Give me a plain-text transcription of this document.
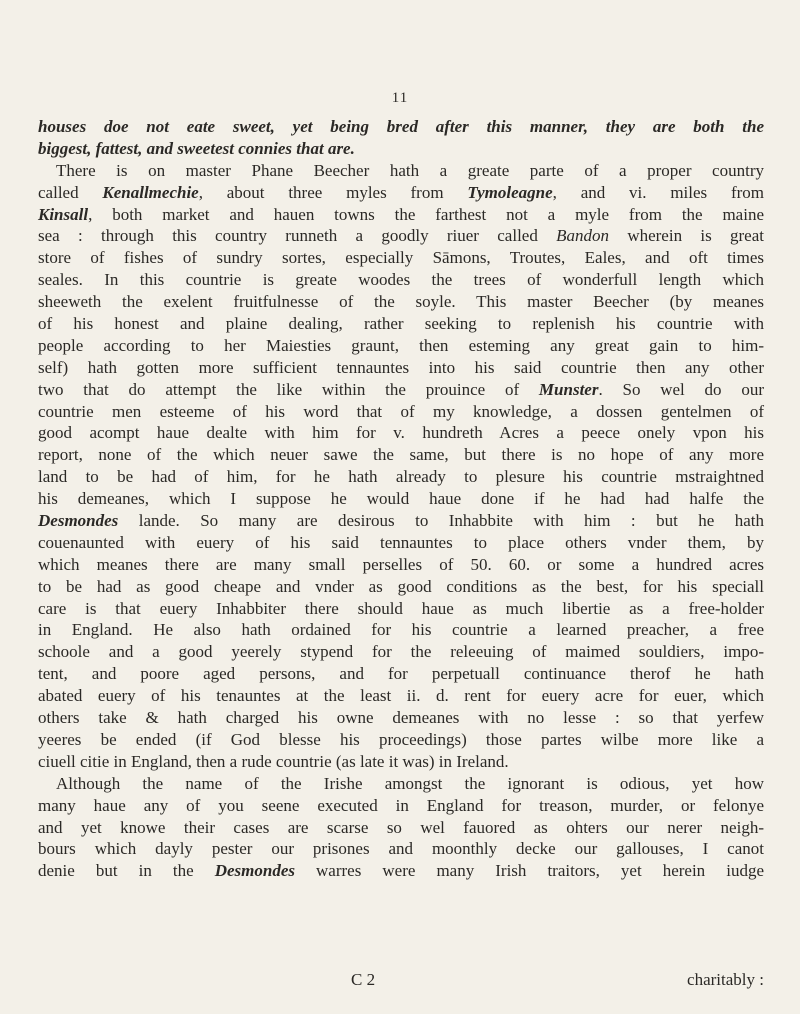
11
houses doe not eate sweet, yet being bred after this manner, they are both the
biggest, fattest, and sweetest connies that are.
There is on master Phane Beecher hath a greate parte of a proper country
called Kenallmechie, about three myles from Tymoleagne, and vi. miles from
Kinsall, both market and hauen towns the farthest not a myle from the maine
sea : through this country runneth a goodly riuer called Bandon wherein is great
store of fishes of sundry sortes, especially Sāmons, Troutes, Eales, and oft times
seales. In this countrie is greate woodes the trees of wonderfull length which
sheeweth the exelent fruitfulnesse of the soyle. This master Beecher (by meanes
of his honest and plaine dealing, rather seeking to replenish his countrie with
people according to her Maiesties graunt, then esteming any great gain to him-
self) hath gotten more sufficient tennauntes into his said countrie then any other
two that do attempt the like within the prouince of Munster. So wel do our
countrie men esteeme of his word that of my knowledge, a dossen gentelmen of
good acompt haue dealte with him for v. hundreth Acres a peece onely vpon his
report, none of the which neuer sawe the same, but there is no hope of any more
land to be had of him, for he hath already to plesure his countrie mstraightned
his demeanes, which I suppose he would haue done if he had had halfe the
Desmondes lande. So many are desirous to Inhabbite with him : but he hath
couenaunted with euery of his said tennauntes to place others vnder them, by
which meanes there are many small perselles of 50. 60. or some a hundred acres
to be had as good cheape and vnder as good conditions as the best, for his speciall
care is that euery Inhabbiter there should haue as much libertie as a free-holder
in England. He also hath ordained for his countrie a learned preacher, a free
schoole and a good yeerely stypend for the releeuing of maimed souldiers, impo-
tent, and poore aged persons, and for perpetuall continuance therof he hath
abated euery of his tenauntes at the least ii. d. rent for euery acre for euer, which
others take & hath charged his owne demeanes with no lesse : so that yerfew
yeeres be ended (if God blesse his proceedings) those partes wilbe more like a
ciuell citie in England, then a rude countrie (as late it was) in Ireland.
Although the name of the Irishe amongst the ignorant is odious, yet how
many haue any of you seene executed in England for treason, murder, or felonye
and yet knowe their cases are scarse so wel fauored as ohters our nerer neigh-
bours which dayly pester our prisones and moonthly decke our gallouses, I canot
denie but in the Desmondes warres were many Irish traitors, yet herein iudge
C 2	charitably :
